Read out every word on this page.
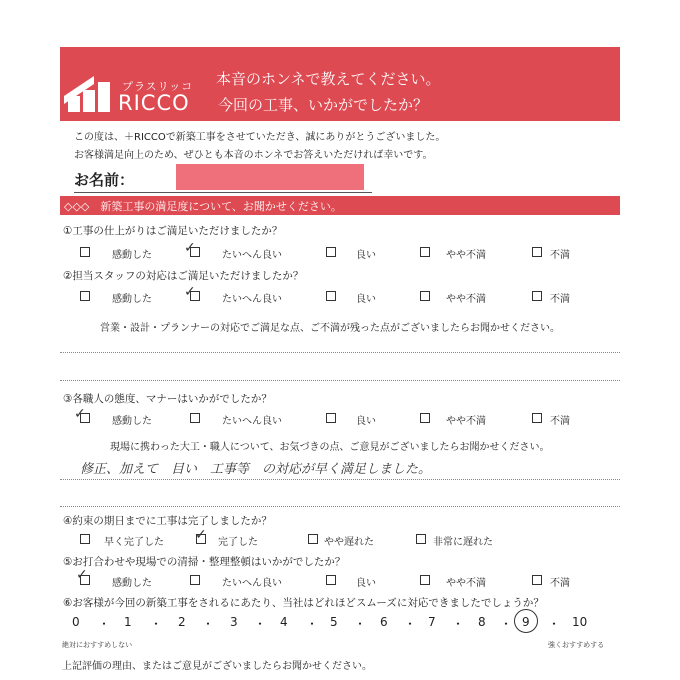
プラスリッコ
RICCO
本音のホンネで教えてください。
今回の工事、いかがでしたか？
この度は、＋RICCOで新築工事をさせていただき、誠にありがとうございました。
お客様満足向上のため、ぜひとも本音のホンネでお答えいただければ幸いです。
お名前：
◇◇◇　新築工事の満足度について、お聞かせください。
①工事の仕上がりはご満足いただけましたか？
感動した ✓	たいへん良い	良い	やや不満	不満
②担当スタッフの対応はご満足いただけましたか？
感動した ✓	たいへん良い	良い	やや不満	不満
営業・設計・プランナーの対応でご満足な点、ご不満が残った点がございましたらお聞かせください。
③各職人の態度、マナーはいかがでしたか？
✓	感動した	たいへん良い	良い	やや不満	不満
現場に携わった大工・職人について、お気づきの点、ご意見がございましたらお聞かせください。
修正、加えて　目い　工事等　の対応が早く満足しました。
④約束の期日までに工事は完了しましたか？
早く完了した ✓ 完了した	やや遅れた	非常に遅れた
⑤お打合わせや現場での清掃・整理整頓はいかがでしたか？
✓
感動した	たいへん良い	良い	やや不満	不満
⑥お客様が今回の新築工事をされるにあたり、当社はどれほどスムーズに対応できましたでしょうか？
0 ・ 1 ・ 2 ・ 3 ・ 4 ・ 5 ・ 6 ・ 7 ・ 8 ・ 9 ・ 10
絶対におすすめしない	強くおすすめする
上記評価の理由、またはご意見がございましたらお聞かせください。
